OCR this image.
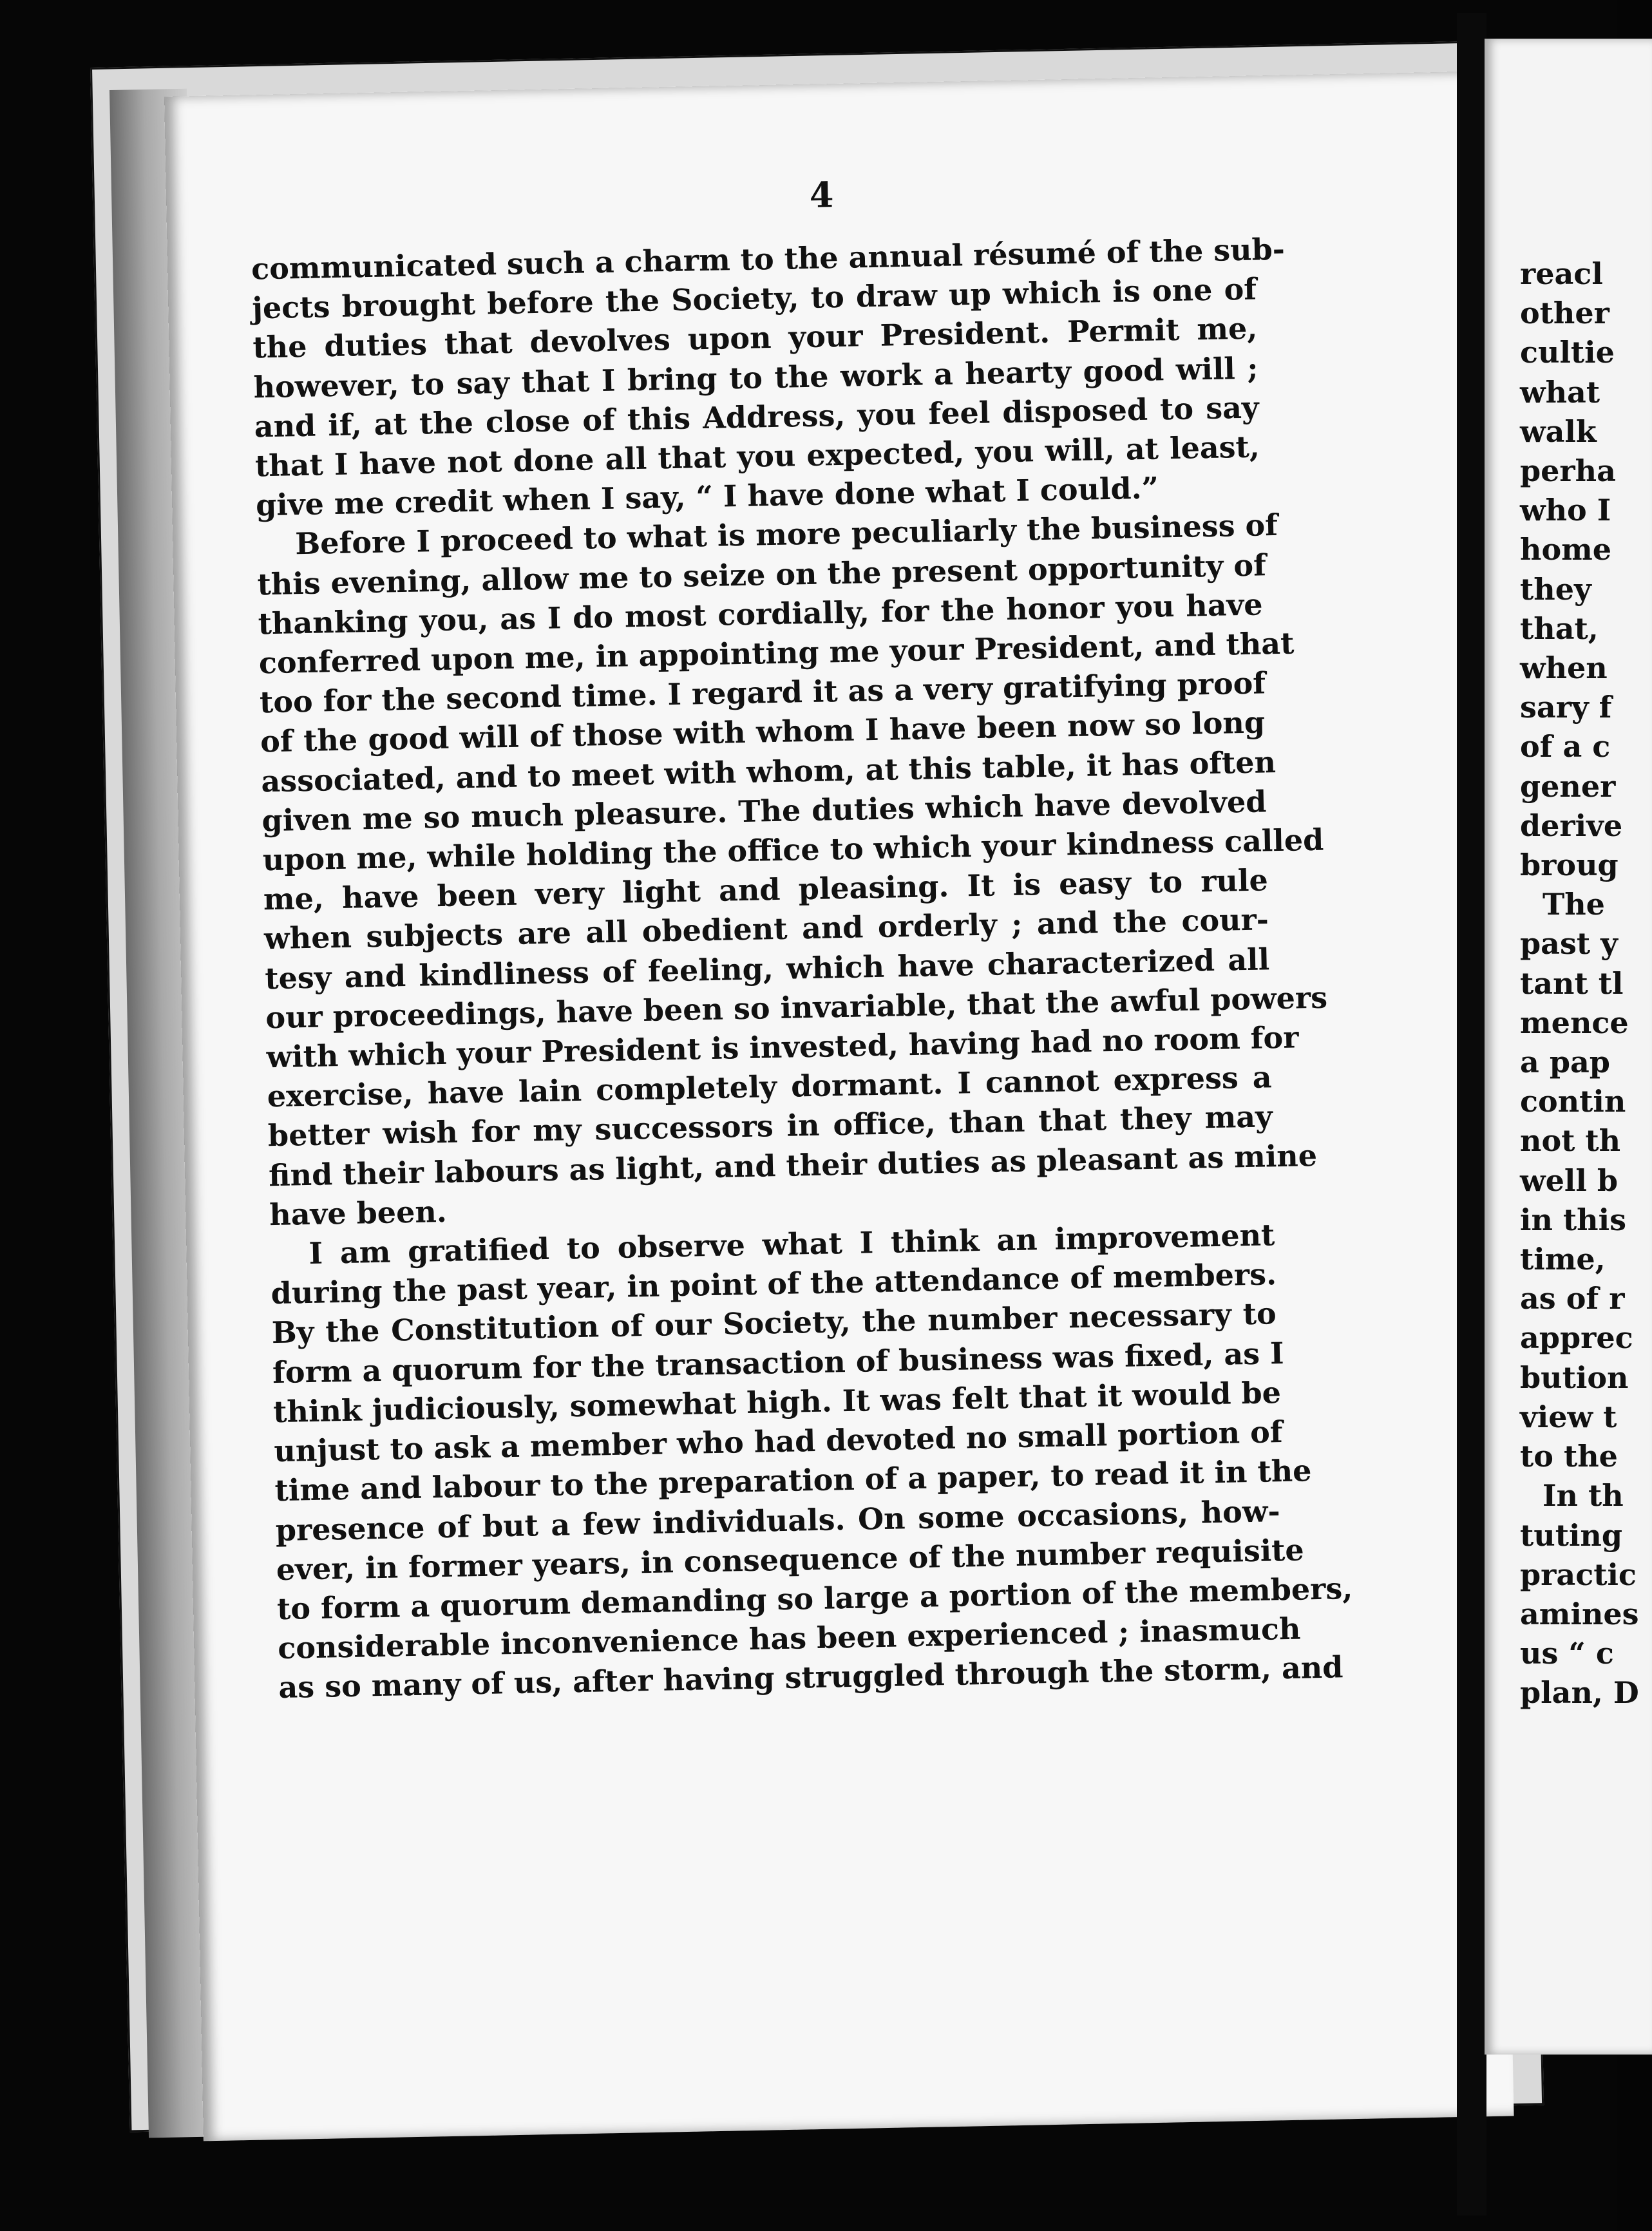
4
communicated such a charm to the annual résumé of the sub-
jects brought before the Society, to draw up which is one of
the duties that devolves upon your President. Permit me,
however, to say that I bring to the work a hearty good will ;
and if, at the close of this Address, you feel disposed to say
that I have not done all that you expected, you will, at least,
give me credit when I say, “ I have done what I could.”
Before I proceed to what is more peculiarly the business of
this evening, allow me to seize on the present opportunity of
thanking you, as I do most cordially, for the honor you have
conferred upon me, in appointing me your President, and that
too for the second time. I regard it as a very gratifying proof
of the good will of those with whom I have been now so long
associated, and to meet with whom, at this table, it has often
given me so much pleasure. The duties which have devolved
upon me, while holding the office to which your kindness called
me, have been very light and pleasing. It is easy to rule
when subjects are all obedient and orderly ; and the cour-
tesy and kindliness of feeling, which have characterized all
our proceedings, have been so invariable, that the awful powers
with which your President is invested, having had no room for
exercise, have lain completely dormant. I cannot express a
better wish for my successors in office, than that they may
find their labours as light, and their duties as pleasant as mine
have been.
I am gratified to observe what I think an improvement
during the past year, in point of the attendance of members.
By the Constitution of our Society, the number necessary to
form a quorum for the transaction of business was fixed, as I
think judiciously, somewhat high. It was felt that it would be
unjust to ask a member who had devoted no small portion of
time and labour to the preparation of a paper, to read it in the
presence of but a few individuals. On some occasions, how-
ever, in former years, in consequence of the number requisite
to form a quorum demanding so large a portion of the members,
considerable inconvenience has been experienced ; inasmuch
as so many of us, after having struggled through the storm, and
reacl
other
cultie
what
walk
perha
who I
home
they
that,
when
sary f
of a c
gener
derive
broug
The
past y
tant tl
mence
a pap
contin
not th
well b
in this
time,
as of r
apprec
bution
view t
to the
In th
tuting
practic
amines
us “ c
plan, D
